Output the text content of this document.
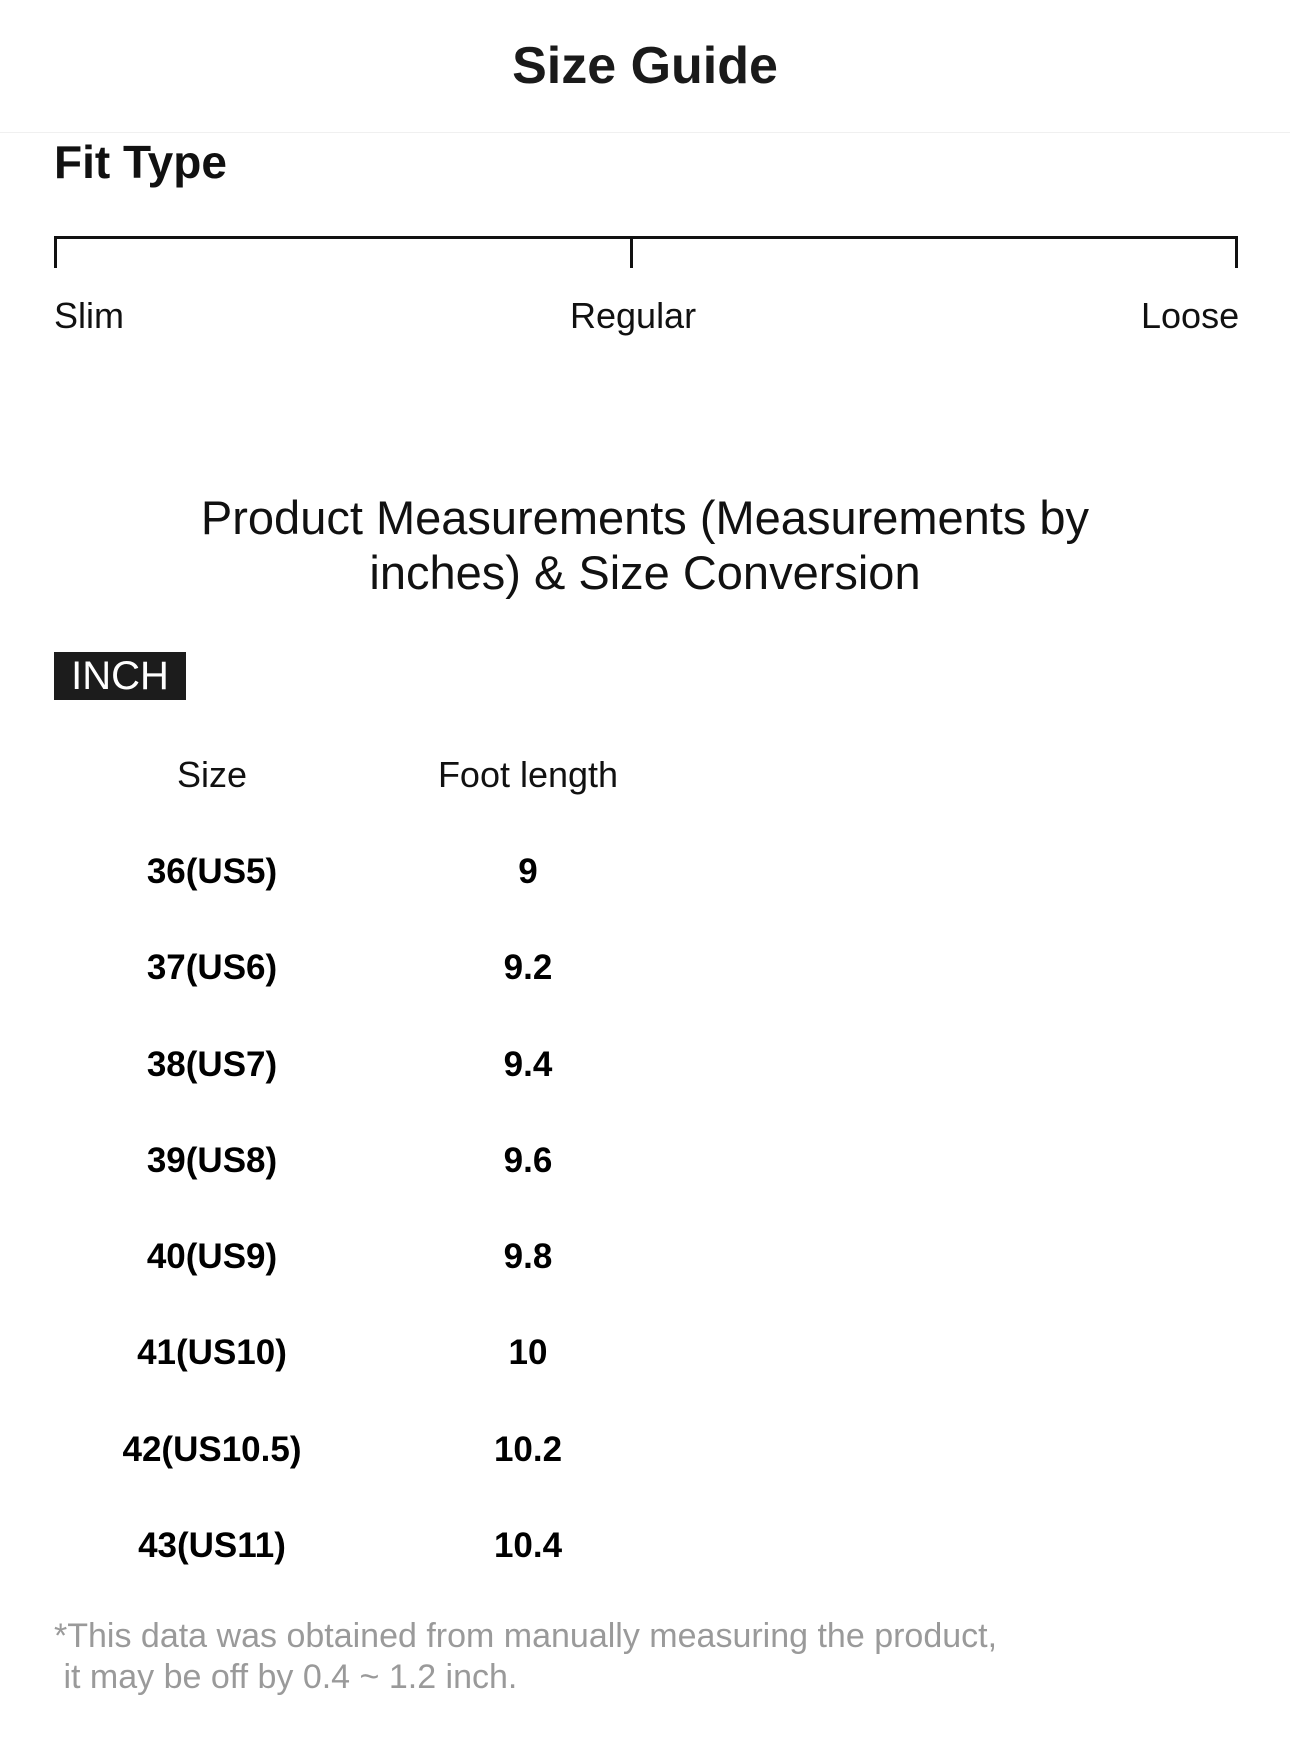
Size Guide
Fit Type
Slim	Regular	Loose
Product Measurements (Measurements by
inches) & Size Conversion
INCH
Size	Foot length
36(US5)	9
37(US6)	9.2
38(US7)	9.4
39(US8)	9.6
40(US9)	9.8
41(US10)	10
42(US10.5)	10.2
43(US11)	10.4
*This data was obtained from manually measuring the product,
it may be off by 0.4 ~ 1.2 inch.
